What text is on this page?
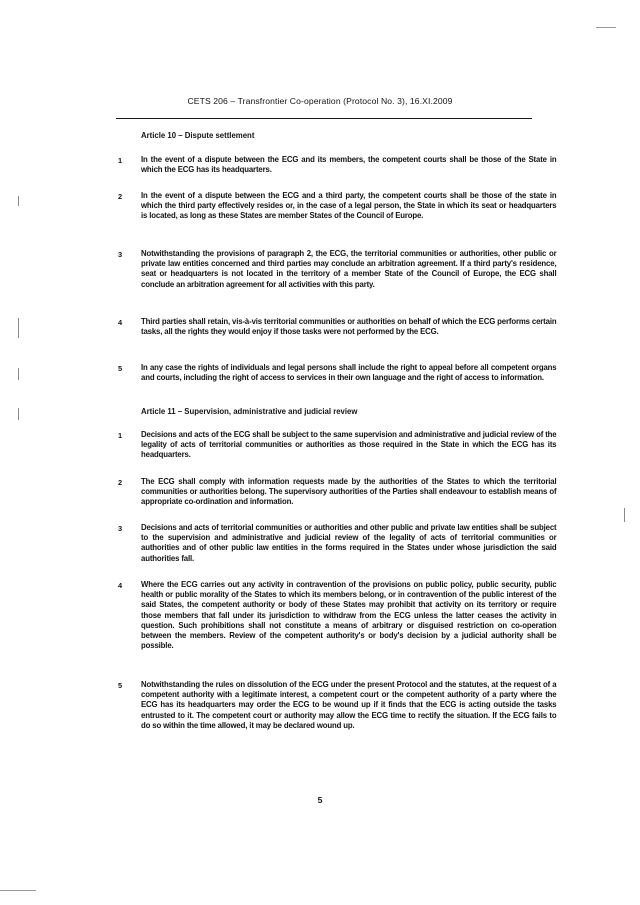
CETS 206 – Transfrontier Co-operation (Protocol No. 3), 16.XI.2009
Article 10 – Dispute settlement
1 In the event of a dispute between the ECG and its members, the competent courts shall be those of the State in which the ECG has its headquarters.
2 In the event of a dispute between the ECG and a third party, the competent courts shall be those of the state in which the third party effectively resides or, in the case of a legal person, the State in which its seat or headquarters is located, as long as these States are member States of the Council of Europe.
3 Notwithstanding the provisions of paragraph 2, the ECG, the territorial communities or authorities, other public or private law entities concerned and third parties may conclude an arbitration agreement. If a third party's residence, seat or headquarters is not located in the territory of a member State of the Council of Europe, the ECG shall conclude an arbitration agreement for all activities with this party.
4 Third parties shall retain, vis-à-vis territorial communities or authorities on behalf of which the ECG performs certain tasks, all the rights they would enjoy if those tasks were not performed by the ECG.
5 In any case the rights of individuals and legal persons shall include the right to appeal before all competent organs and courts, including the right of access to services in their own language and the right of access to information.
Article 11 – Supervision, administrative and judicial review
1 Decisions and acts of the ECG shall be subject to the same supervision and administrative and judicial review of the legality of acts of territorial communities or authorities as those required in the State in which the ECG has its headquarters.
2 The ECG shall comply with information requests made by the authorities of the States to which the territorial communities or authorities belong. The supervisory authorities of the Parties shall endeavour to establish means of appropriate co-ordination and information.
3 Decisions and acts of territorial communities or authorities and other public and private law entities shall be subject to the supervision and administrative and judicial review of the legality of acts of territorial communities or authorities and of other public law entities in the forms required in the States under whose jurisdiction the said authorities fall.
4 Where the ECG carries out any activity in contravention of the provisions on public policy, public security, public health or public morality of the States to which its members belong, or in contravention of the public interest of the said States, the competent authority or body of these States may prohibit that activity on its territory or require those members that fall under its jurisdiction to withdraw from the ECG unless the latter ceases the activity in question. Such prohibitions shall not constitute a means of arbitrary or disguised restriction on co-operation between the members. Review of the competent authority's or body's decision by a judicial authority shall be possible.
5 Notwithstanding the rules on dissolution of the ECG under the present Protocol and the statutes, at the request of a competent authority with a legitimate interest, a competent court or the competent authority of a party where the ECG has its headquarters may order the ECG to be wound up if it finds that the ECG is acting outside the tasks entrusted to it. The competent court or authority may allow the ECG time to rectify the situation. If the ECG fails to do so within the time allowed, it may be declared wound up.
5
